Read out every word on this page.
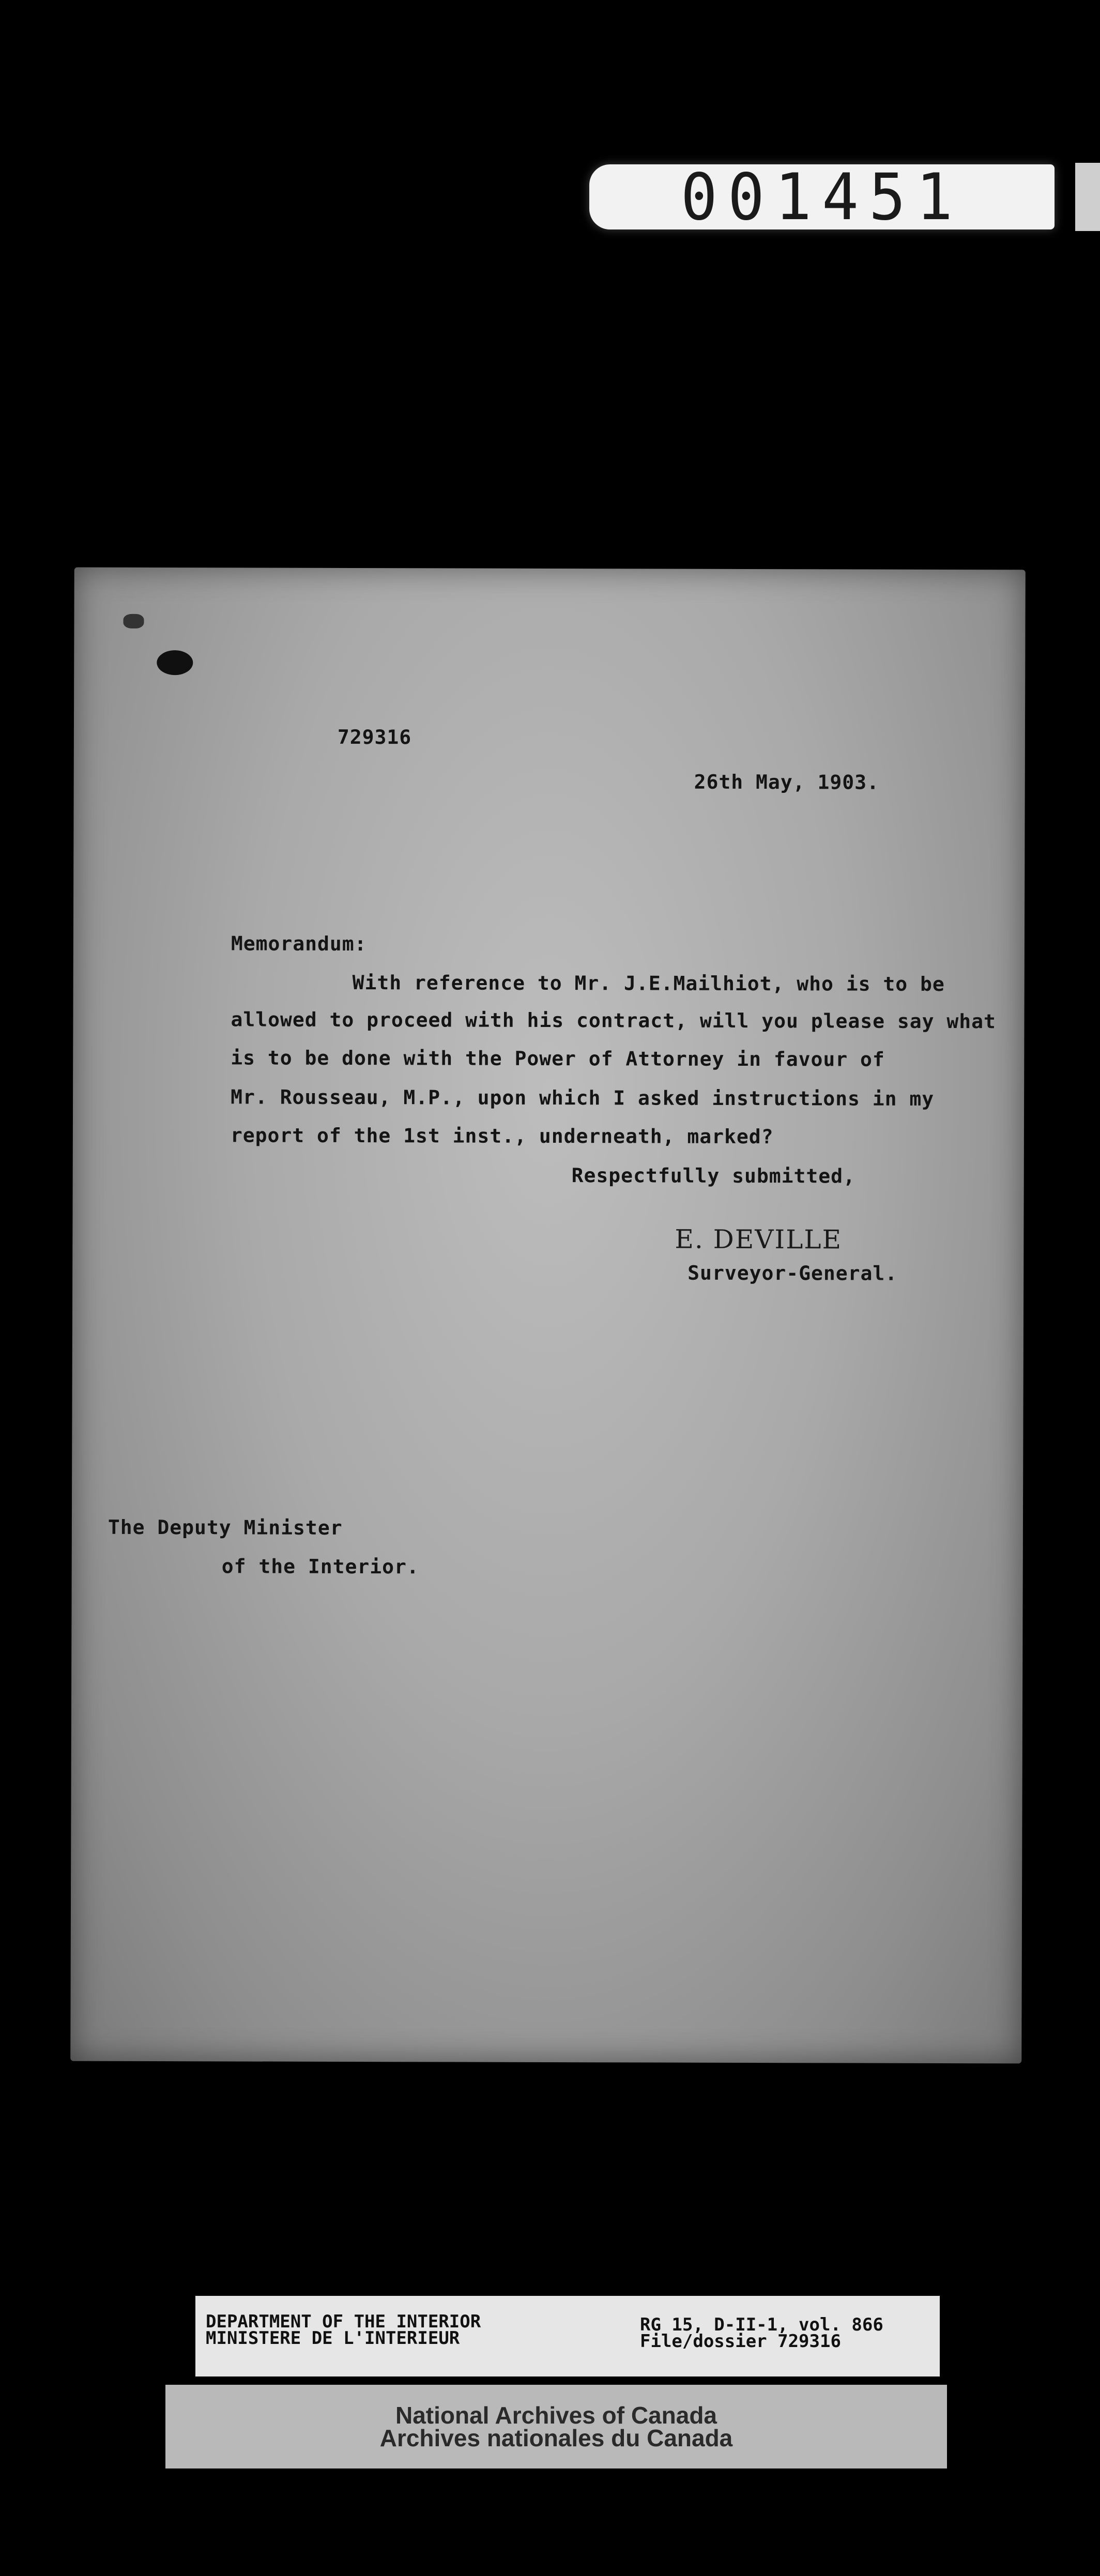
001451
729316
26th May, 1903.
Memorandum:
With reference to Mr. J.E.Mailhiot, who is to be
allowed to proceed with his contract, will you please say what
is to be done with the Power of Attorney in favour of
Mr. Rousseau, M.P., upon which I asked instructions in my
report of the 1st inst., underneath, marked?
Respectfully submitted,
E. DEVILLE
Surveyor-General.
The Deputy Minister
of the Interior.
DEPARTMENT OF THE INTERIOR
MINISTERE DE L'INTERIEUR
RG 15, D-II-1, vol. 866
File/dossier 729316
National Archives of Canada
Archives nationales du Canada
